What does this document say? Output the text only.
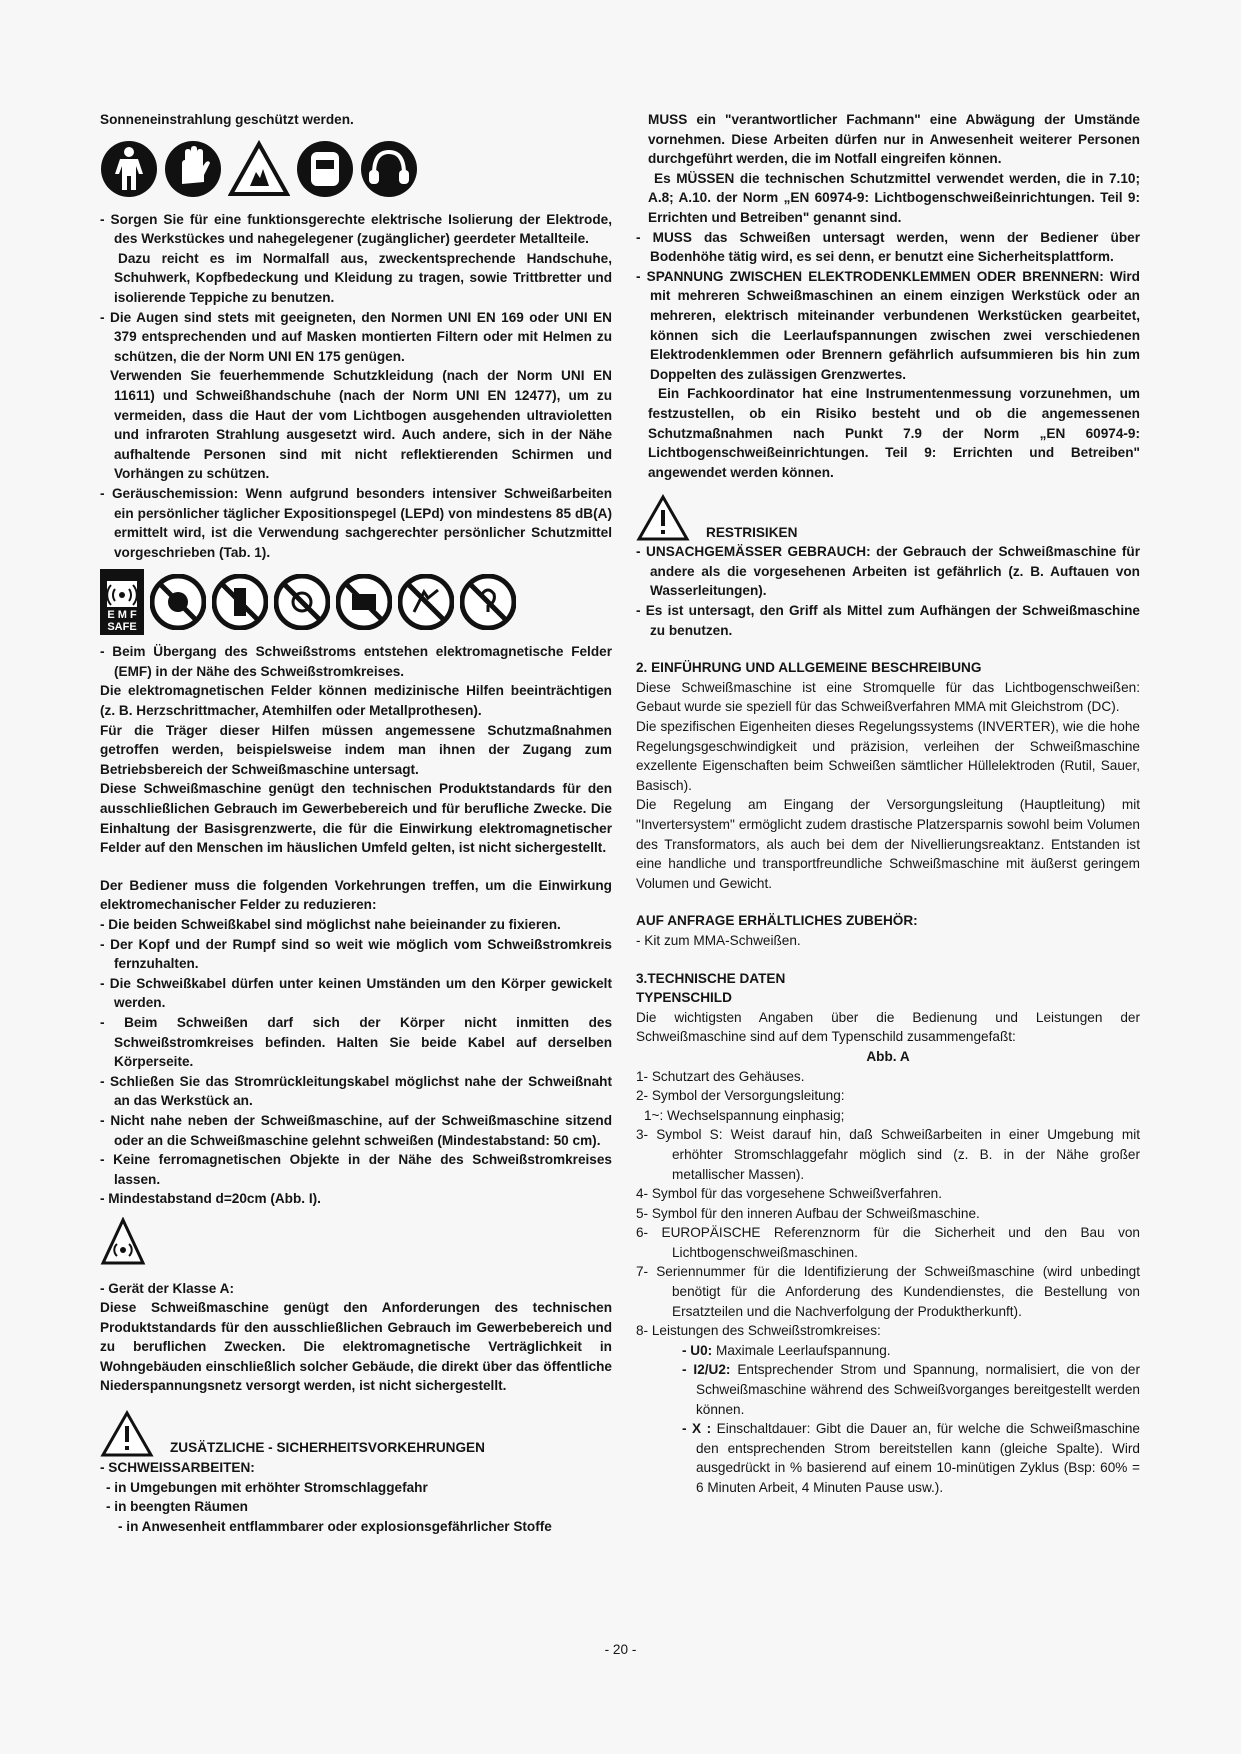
Sonneneinstrahlung geschützt werden.

- Sorgen Sie für eine funktionsgerechte elektrische Isolierung der Elektrode, des Werkstückes und nahegelegener (zugänglicher) geerdeter Metallteile.

Dazu reicht es im Normalfall aus, zweckentsprechende Handschuhe, Schuhwerk, Kopfbedeckung und Kleidung zu tragen, sowie Trittbretter und isolierende Teppiche zu benutzen.

- Die Augen sind stets mit geeigneten, den Normen UNI EN 169 oder UNI EN 379 entsprechenden und auf Masken montierten Filtern oder mit Helmen zu schützen, die der Norm UNI EN 175 genügen.

Verwenden Sie feuerhemmende Schutzkleidung (nach der Norm UNI EN 11611) und Schweißhandschuhe (nach der Norm UNI EN 12477), um zu vermeiden, dass die Haut der vom Lichtbogen ausgehenden ultravioletten und infraroten Strahlung ausgesetzt wird. Auch andere, sich in der Nähe aufhaltende Personen sind mit nicht reflektierenden Schirmen und Vorhängen zu schützen.

- Geräuschemission: Wenn aufgrund besonders intensiver Schweißarbeiten ein persönlicher täglicher Expositionspegel (LEPd) von mindestens 85 dB(A) ermittelt wird, ist die Verwendung sachgerechter persönlicher Schutzmittel vorgeschrieben (Tab. 1).

E M F
SAFE

- Beim Übergang des Schweißstroms entstehen elektromagnetische Felder (EMF) in der Nähe des Schweißstromkreises.

Die elektromagnetischen Felder können medizinische Hilfen beeinträchtigen (z. B. Herzschrittmacher, Atemhilfen oder Metallprothesen).

Für die Träger dieser Hilfen müssen angemessene Schutzmaßnahmen getroffen werden, beispielsweise indem man ihnen der Zugang zum Betriebsbereich der Schweißmaschine untersagt.

Diese Schweißmaschine genügt den technischen Produktstandards für den ausschließlichen Gebrauch im Gewerbebereich und für berufliche Zwecke. Die Einhaltung der Basisgrenzwerte, die für die Einwirkung elektromagnetischer Felder auf den Menschen im häuslichen Umfeld gelten, ist nicht sichergestellt.

Der Bediener muss die folgenden Vorkehrungen treffen, um die Einwirkung elektromechanischer Felder zu reduzieren:

- Die beiden Schweißkabel sind möglichst nahe beieinander zu fixieren.

- Der Kopf und der Rumpf sind so weit wie möglich vom Schweißstromkreis fernzuhalten.

- Die Schweißkabel dürfen unter keinen Umständen um den Körper gewickelt werden.

- Beim Schweißen darf sich der Körper nicht inmitten des Schweißstromkreises befinden. Halten Sie beide Kabel auf derselben Körperseite.

- Schließen Sie das Stromrückleitungskabel möglichst nahe der Schweißnaht an das Werkstück an.

- Nicht nahe neben der Schweißmaschine, auf der Schweißmaschine sitzend oder an die Schweißmaschine gelehnt schweißen (Mindestabstand: 50 cm).

- Keine ferromagnetischen Objekte in der Nähe des Schweißstromkreises lassen.

- Mindestabstand d=20cm (Abb. I).

- Gerät der Klasse A:

Diese Schweißmaschine genügt den Anforderungen des technischen Produktstandards für den ausschließlichen Gebrauch im Gewerbebereich und zu beruflichen Zwecken. Die elektromagnetische Verträglichkeit in Wohngebäuden einschließlich solcher Gebäude, die direkt über das öffentliche Niederspannungsnetz versorgt werden, ist nicht sichergestellt.

ZUSÄTZLICHE - SICHERHEITSVORKEHRUNGEN

- SCHWEISSARBEITEN:

- in Umgebungen mit erhöhter Stromschlaggefahr

- in beengten Räumen

- in Anwesenheit entflammbarer oder explosionsgefährlicher Stoffe

MUSS ein "verantwortlicher Fachmann" eine Abwägung der Umstände vornehmen. Diese Arbeiten dürfen nur in Anwesenheit weiterer Personen durchgeführt werden, die im Notfall eingreifen können.

Es MÜSSEN die technischen Schutzmittel verwendet werden, die in 7.10; A.8; A.10. der Norm „EN 60974-9: Lichtbogenschweißeinrichtungen. Teil 9: Errichten und Betreiben" genannt sind.

- MUSS das Schweißen untersagt werden, wenn der Bediener über Bodenhöhe tätig wird, es sei denn, er benutzt eine Sicherheitsplattform.

- SPANNUNG ZWISCHEN ELEKTRODENKLEMMEN ODER BRENNERN: Wird mit mehreren Schweißmaschinen an einem einzigen Werkstück oder an mehreren, elektrisch miteinander verbundenen Werkstücken gearbeitet, können sich die Leerlaufspannungen zwischen zwei verschiedenen Elektrodenklemmen oder Brennern gefährlich aufsummieren bis hin zum Doppelten des zulässigen Grenzwertes.

Ein Fachkoordinator hat eine Instrumentenmessung vorzunehmen, um festzustellen, ob ein Risiko besteht und ob die angemessenen Schutzmaßnahmen nach Punkt 7.9 der Norm „EN 60974-9: Lichtbogenschweißeinrichtungen. Teil 9: Errichten und Betreiben" angewendet werden können.

RESTRISIKEN

- UNSACHGEMÄSSER GEBRAUCH: der Gebrauch der Schweißmaschine für andere als die vorgesehenen Arbeiten ist gefährlich (z. B. Auftauen von Wasserleitungen).

- Es ist untersagt, den Griff als Mittel zum Aufhängen der Schweißmaschine zu benutzen.

2. EINFÜHRUNG UND ALLGEMEINE BESCHREIBUNG

Diese Schweißmaschine ist eine Stromquelle für das Lichtbogenschweißen: Gebaut wurde sie speziell für das Schweißverfahren MMA mit Gleichstrom (DC).

Die spezifischen Eigenheiten dieses Regelungssystems (INVERTER), wie die hohe Regelungsgeschwindigkeit und präzision, verleihen der Schweißmaschine exzellente Eigenschaften beim Schweißen sämtlicher Hüllelektroden (Rutil, Sauer, Basisch).

Die Regelung am Eingang der Versorgungsleitung (Hauptleitung) mit "Invertersystem" ermöglicht zudem drastische Platzersparnis sowohl beim Volumen des Transformators, als auch bei dem der Nivellierungsreaktanz. Entstanden ist eine handliche und transportfreundliche Schweißmaschine mit äußerst geringem Volumen und Gewicht.

AUF ANFRAGE ERHÄLTLICHES ZUBEHÖR:

- Kit zum MMA-Schweißen.

3.TECHNISCHE DATEN

TYPENSCHILD

Die wichtigsten Angaben über die Bedienung und Leistungen der Schweißmaschine sind auf dem Typenschild zusammengefaßt:

Abb. A

1- Schutzart des Gehäuses.

2- Symbol der Versorgungsleitung:

1~: Wechselspannung einphasig;

3- Symbol S: Weist darauf hin, daß Schweißarbeiten in einer Umgebung mit erhöhter Stromschlaggefahr möglich sind (z. B. in der Nähe großer metallischer Massen).

4- Symbol für das vorgesehene Schweißverfahren.

5- Symbol für den inneren Aufbau der Schweißmaschine.

6- EUROPÄISCHE Referenznorm für die Sicherheit und den Bau von Lichtbogenschweißmaschinen.

7- Seriennummer für die Identifizierung der Schweißmaschine (wird unbedingt benötigt für die Anforderung des Kundendienstes, die Bestellung von Ersatzteilen und die Nachverfolgung der Produktherkunft).

8- Leistungen des Schweißstromkreises:

- U0: Maximale Leerlaufspannung.

- I2/U2: Entsprechender Strom und Spannung, normalisiert, die von der Schweißmaschine während des Schweißvorganges bereitgestellt werden können.

- X : Einschaltdauer: Gibt die Dauer an, für welche die Schweißmaschine den entsprechenden Strom bereitstellen kann (gleiche Spalte). Wird ausgedrückt in % basierend auf einem 10-minütigen Zyklus (Bsp: 60% = 6 Minuten Arbeit, 4 Minuten Pause usw.).

- 20 -
